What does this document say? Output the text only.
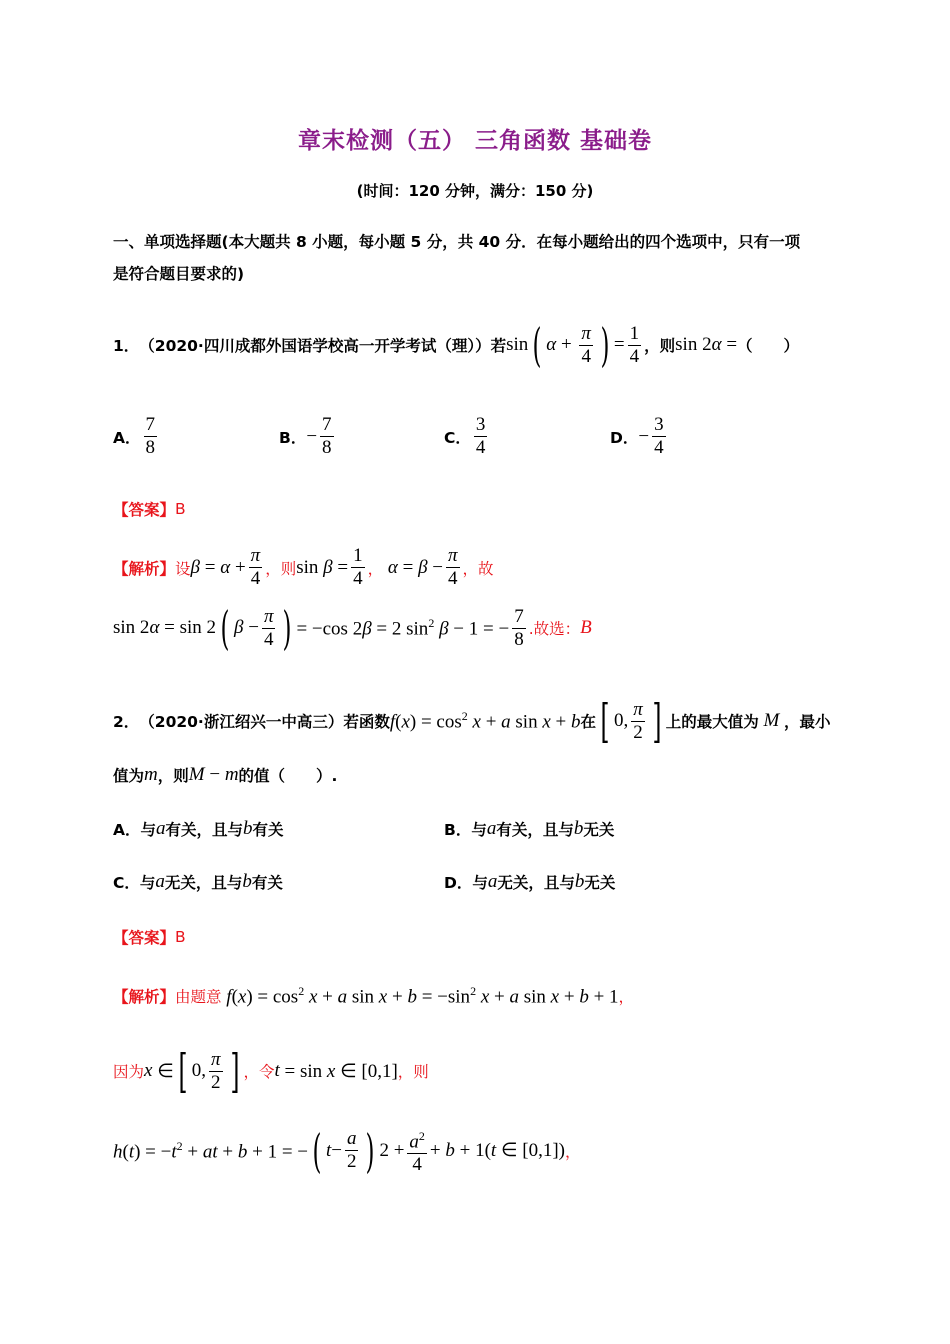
章末检测（五） 三角函数 基础卷
(时间：120 分钟，满分：150 分)
一、单项选择题(本大题共 8 小题，每小题 5 分，共 40 分．在每小题给出的四个选项中，只有一项
是符合题目要求的)
1． （2020·四川成都外国语学校高一开学考试（理））若 sin ( $\alpha + \frac{\pi}{4}$ ) = $\frac{1}{4}$ ，则 sin 2α = （　　）
A． $\frac{7}{8}$	B． − $\frac{7}{8}$	C． $\frac{3}{4}$	D． − $\frac{3}{4}$
【答案】 B
【解析】 设 $\beta = \alpha + \frac{\pi}{4}$ ，则 $\sin \beta = \frac{1}{4}$ ， $\alpha = \beta - \frac{\pi}{4}$ ，故
sin 2α = sin 2 ( $\beta - \frac{\pi}{4}$ ) = −cos 2β = 2 $\sin^2 \beta - 1$ = − $\frac{7}{8}$ .故选： B
2． （2020·浙江绍兴一中高三）若函数 $f(x) = \cos^2 x + a$ sin x + b 在 [ 0, $\frac{\pi}{2}$ ] 上的最大值为 M ，最小
值为 m ，则 M − m 的值（　　）.
A． 与 a 有关，且与 b 有关	B． 与 a 有关，且与 b 无关
C． 与 a 无关，且与 b 有关	D． 与 a 无关，且与 b 无关
【答案】 B
【解析】 由题意 $f(x) = \cos^2 x + a$ $\sin x + b = -\sin^2$ x + a sin x + b + 1 ，
因为 x ∈ [ 0, $\frac{\pi}{2}$ ] ，令 t = sin x ∈ [0,1] ，则
$h(t) = -t^2$ + at + b + 1 = − ( $t - \frac{a}{2}$ ) $2 + \frac{a^2}{4} + b + 1(t$ ∈ [0,1]) ，
